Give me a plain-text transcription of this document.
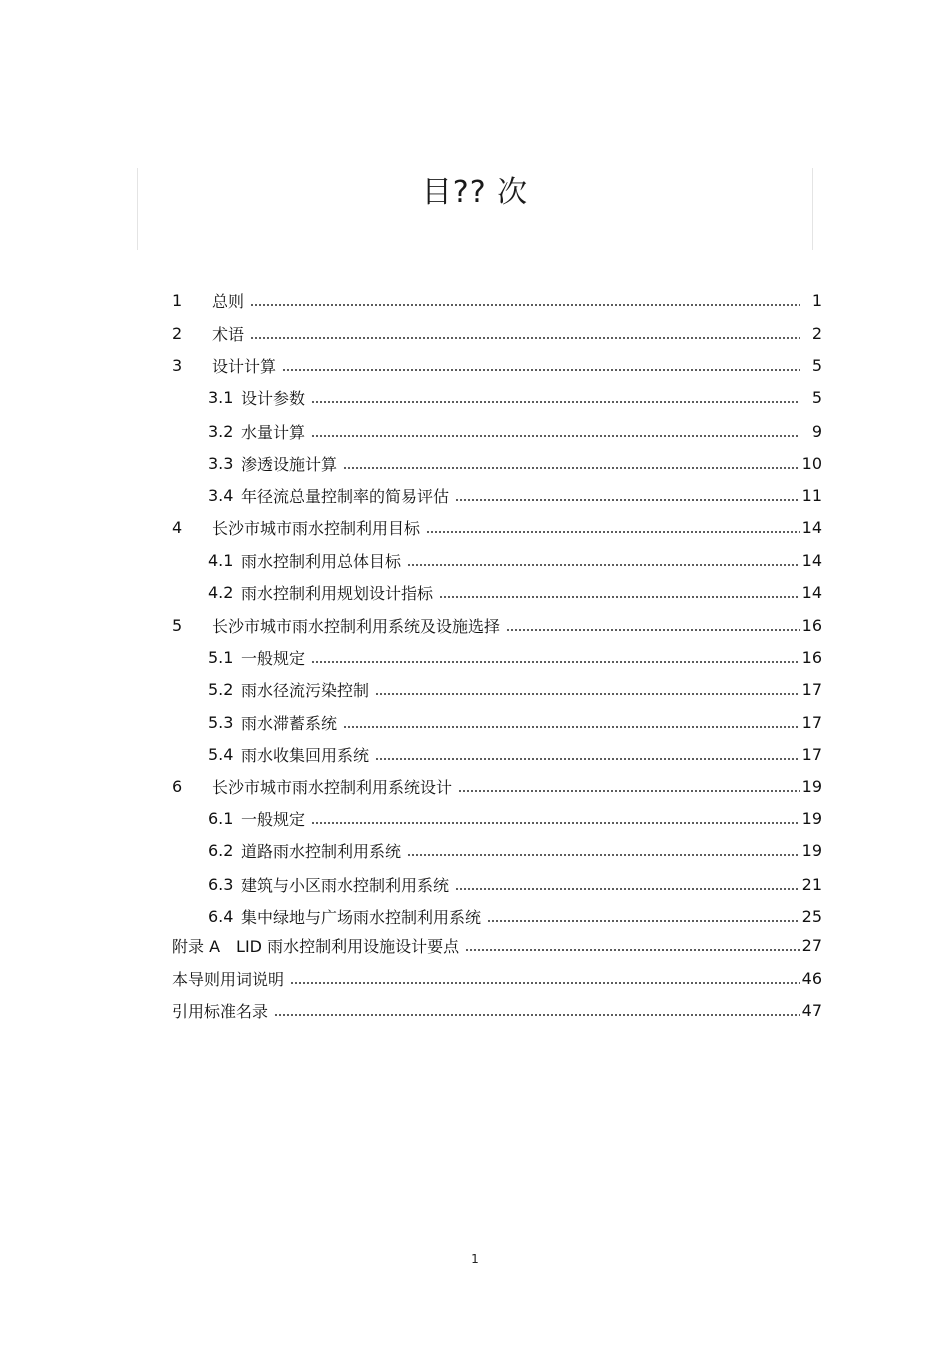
目?? 次
1	总则	1
2	术语	2
3	设计计算	5
3.1 设计参数	5
3.2 水量计算	9
3.3 渗透设施计算	10
3.4 年径流总量控制率的简易评估	11
4	长沙市城市雨水控制利用目标	14
4.1 雨水控制利用总体目标	14
4.2 雨水控制利用规划设计指标	14
5	长沙市城市雨水控制利用系统及设施选择	16
5.1 一般规定	16
5.2 雨水径流污染控制	17
5.3 雨水滞蓄系统	17
5.4 雨水收集回用系统	17
6	长沙市城市雨水控制利用系统设计	19
6.1 一般规定	19
6.2 道路雨水控制利用系统	19
6.3 建筑与小区雨水控制利用系统	21
6.4 集中绿地与广场雨水控制利用系统	25
附录 A　LID 雨水控制利用设施设计要点	27
本导则用词说明	46
引用标准名录	47
1
